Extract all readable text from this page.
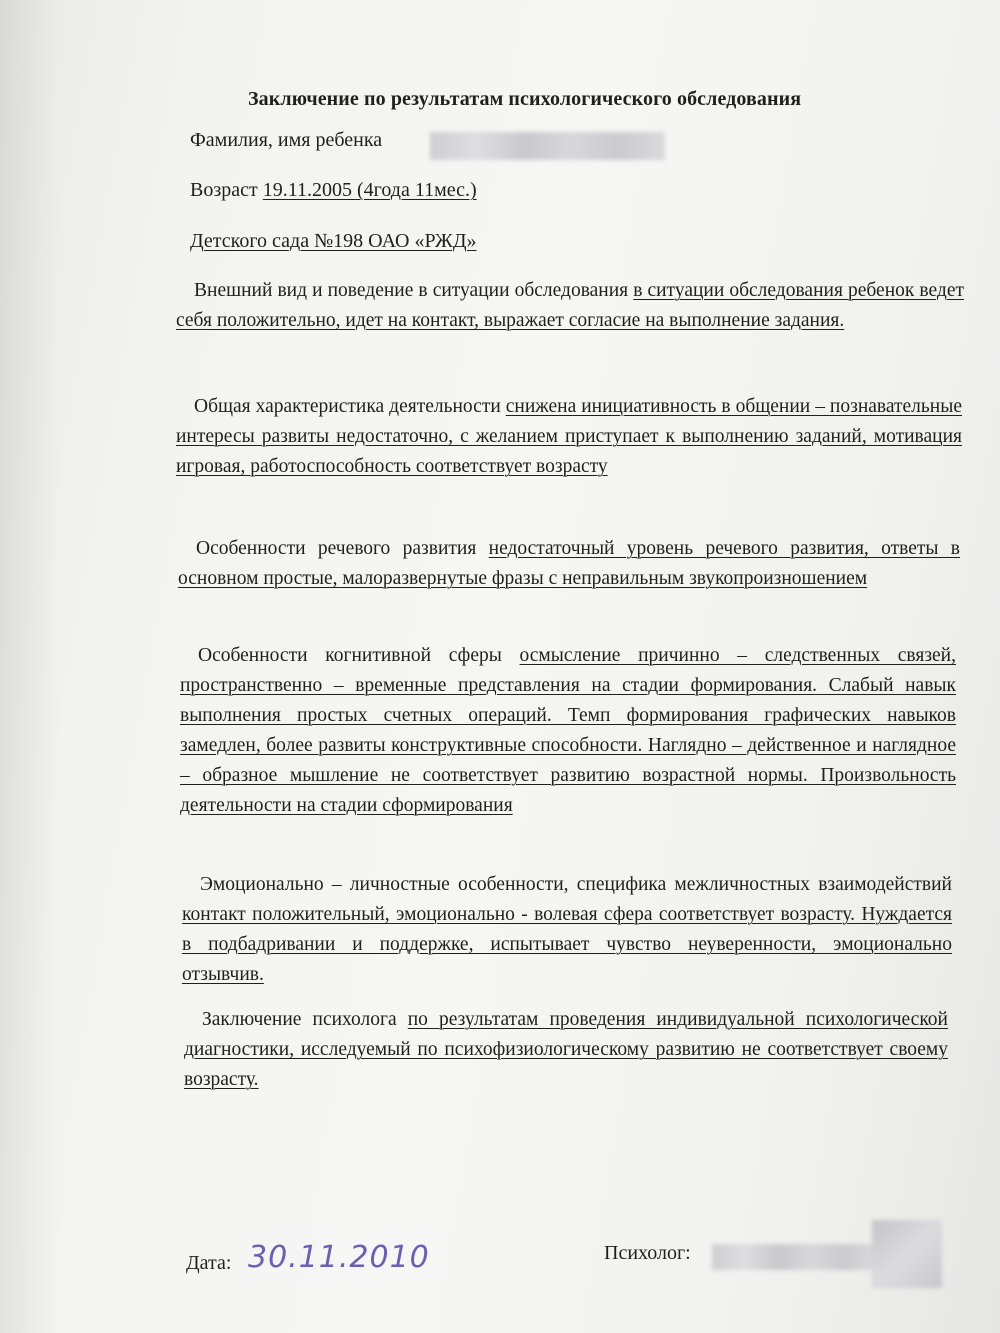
Заключение по результатам психологического обследования
Фамилия, имя ребенка
Возраст 19.11.2005 (4года 11мес.)
Детского сада №198 ОАО «РЖД»

Внешний вид и поведение в ситуации обследования в ситуации обследования ребенок ведет себя положительно, идет на контакт, выражает согласие на выполнение задания.

Общая характеристика деятельности снижена инициативность в общении – познавательные интересы развиты недостаточно, с желанием приступает к выполнению заданий, мотивация игровая, работоспособность соответствует возрасту

Особенности речевого развития недостаточный уровень речевого развития, ответы в основном простые, малоразвернутые фразы с неправильным звукопроизношением

Особенности когнитивной сферы осмысление причинно – следственных связей, пространственно – временные представления на стадии формирования. Слабый навык выполнения простых счетных операций. Темп формирования графических навыков замедлен, более развиты конструктивные способности. Наглядно – действенное и наглядное – образное мышление не соответствует развитию возрастной нормы. Произвольность деятельности на стадии сформирования

Эмоционально – личностные особенности, специфика межличностных взаимодействий контакт положительный, эмоционально - волевая сфера соответствует возрасту. Нуждается в подбадривании и поддержке, испытывает чувство неуверенности, эмоционально отзывчив.

Заключение психолога по результатам проведения индивидуальной психологической диагностики, исследуемый по психофизиологическому развитию не соответствует своему возрасту.

Дата: 30.11.2010	Психолог:
